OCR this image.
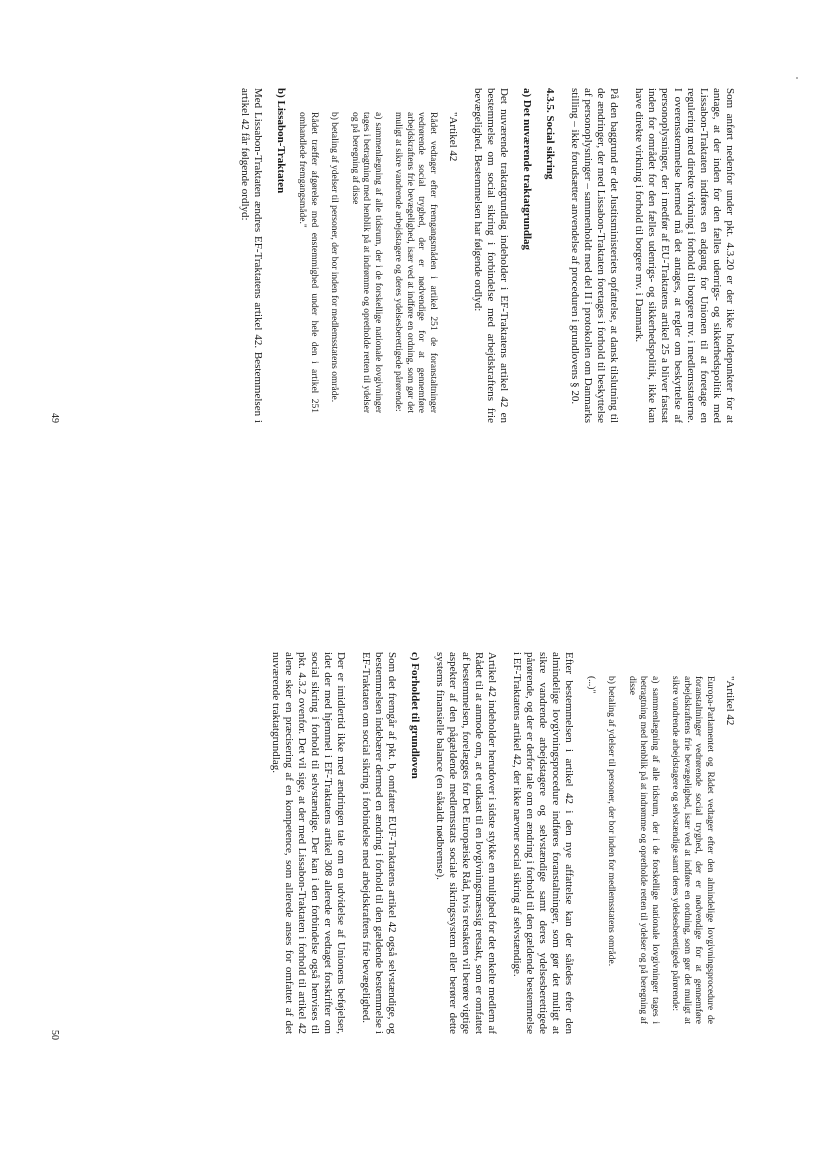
Som anført nedenfor under pkt. 4.3.20 er der ikke holdepunkter for at antage, at der inden for den fælles udenrigs- og sikkerhedspolitik med Lissabon-Traktaten indføres en adgang for Unionen til at foretage en regulering med direkte virkning i forhold til borgere mv. i medlemsstaterne. I overensstemmelse hermed må det antages, at regler om beskyttelse af personoplysninger, der i medfør af EU-Traktatens artikel 25 a bliver fastsat inden for området for den fælles udenrigs- og sikkerhedspolitik, ikke kan have direkte virkning i forhold til borgere mv. i Danmark.

På den baggrund er det Justitsministeriets opfattelse, at dansk tilslutning til de ændringer, der med Lissabon-Traktaten foretages i forhold til beskyttelse af personoplysninger – sammenholdt med del II i protokollen om Danmarks stilling – ikke forudsætter anvendelse af proceduren i grundlovens § 20.

4.3.5. Social sikring
a) Det nuværende traktatgrundlag

Det nuværende traktatgrundlag indeholder i EF-Traktatens artikel 42 en bestemmelse om social sikring i forbindelse med arbejdskraftens frie bevægelighed. Bestemmelsen har følgende ordlyd:

"Artikel 42

Rådet vedtager efter fremgangsmåden i artikel 251 de foranstaltninger vedrørende social tryghed, der er nødvendige for at gennemføre arbejdskraftens frie bevægelighed, især ved at indføre en ordning, som gør det muligt at sikre vandrende arbejdstagere og deres ydelsesberettigede pårørende:

a) sammenlægning af alle tidsrum, der i de forskellige nationale lovgivninger tages i betragtning med henblik på at indrømme og opretholde retten til ydelser og på beregning af disse

b) betaling af ydelser til personer, der bor inden for medlemsstatens område.

Rådet træffer afgørelse med enstemmighed under hele den i artikel 251 omhandlede fremgangsmåde."

b) Lissabon-Traktaten

Med Lissabon-Traktaten ændres EF-Traktatens artikel 42. Bestemmelsen i artikel 42 får følgende ordlyd:

49

"Artikel 42

Europa-Parlamentet og Rådet vedtager efter den almindelige lovgivningsprocedure de foranstaltninger vedrørende social tryghed, der er nødvendige for at gennemføre arbejdskraftens frie bevægelighed, især ved at indføre en ordning, som gør det muligt at sikre vandrende arbejdstagere og selvstændige samt deres ydelsesberettigede pårørende:

a) sammenlægning af alle tidsrum, der i de forskellige nationale lovgivninger tages i betragtning med henblik på at indrømme og opretholde retten til ydelser og på beregning af disse

b) betaling af ydelser til personer, der bor inden for medlemsstatens område.

(...)"

Efter bestemmelsen i artikel 42 i den nye affattelse kan der således efter den almindelige lovgivningsprocedure indføres foranstaltninger, som gør det muligt at sikre vandrende arbejdstagere og selvstændige samt deres ydelsesberettigede pårørende, og der er derfor tale om en ændring i forhold til den gældende bestemmelse i EF-Traktatens artikel 42, der ikke nævner social sikring af selvstændige.

Artikel 42 indeholder herudover i sidste stykke en mulighed for det enkelte medlem af Rådet til at anmode om, at et udkast til en lovgivningsmæssig retsakt, som er omfattet af bestemmelsen, forelægges for Det Europæiske Råd, hvis retsakten vil berøre vigtige aspekter af den pågældende medlemsstats sociale sikringssystem eller berører dette systems finansielle balance (en såkaldt nødbremse).

c) Forholdet til grundloven

Som det fremgår af pkt. b, omfatter EUF-Traktatens artikel 42 også selvstændige, og bestemmelsen indebærer dermed en ændring i forhold til den gældende bestemmelse i EF-Traktaten om social sikring i forbindelse med arbejdskraftens frie bevægelighed.

Der er imidlertid ikke med ændringen tale om en udvidelse af Unionens beføjelser, idet der med hjemmel i EF-Traktatens artikel 308 allerede er vedtaget forskrifter om social sikring i forhold til selvstændige. Der kan i den forbindelse også henvises til pkt. 4.3.2 ovenfor. Det vil sige, at der med Lissabon-Traktaten i forhold til artikel 42 alene sker en præcisering af en kompetence, som allerede anses for omfattet af det nuværende traktatgrundlag.

50
